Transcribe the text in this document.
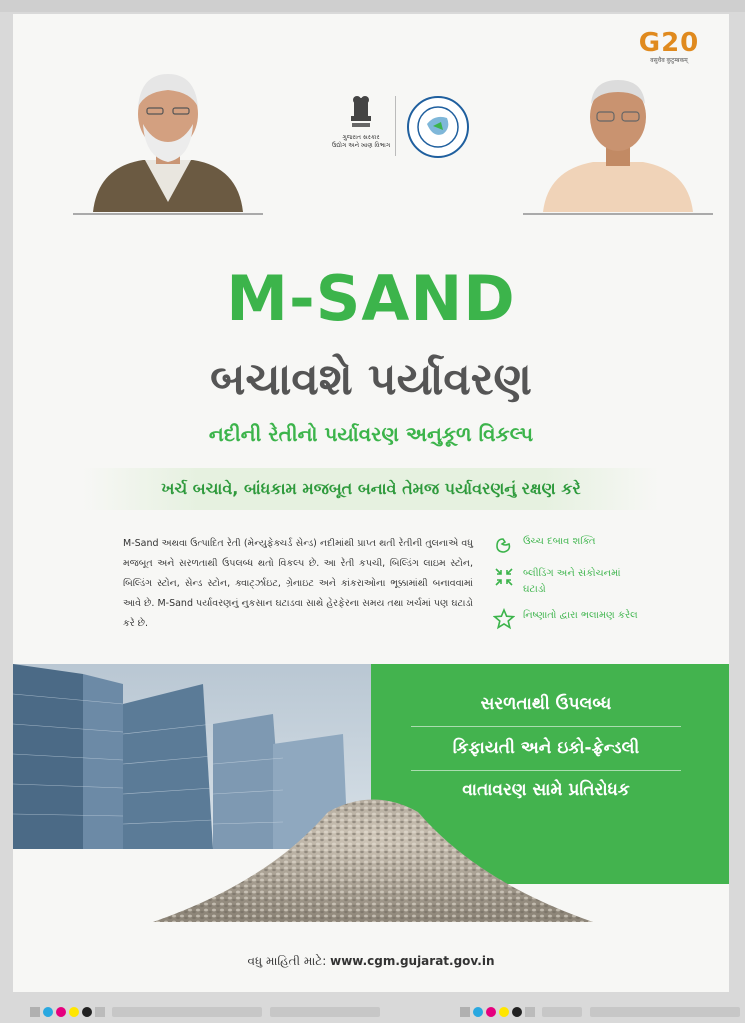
G20
वसुधैव कुटुम्बकम्
ગુજરાત સરકાર
ઉદ્યોગ અને ખાણ વિભાગ
M-SAND
બચાવશે પર્યાવરણ
નદીની રેતીનો પર્યાવરણ અનુકૂળ વિકલ્પ
ખર્ચ બચાવે, બાંધકામ મજબૂત બનાવે તેમજ પર્યાવરણનું રક્ષણ કરે
M-Sand અથવા ઉત્પાદિત રેતી (મેન્યુફેક્ચર્ડ સેન્ડ) નદીમાંથી પ્રાપ્ત થતી રેતીની તુલનાએ વધુ મજબૂત અને સરળતાથી ઉપલબ્ધ થતો વિકલ્પ છે. આ રેતી કપચી, બિલ્ડિંગ લાઇમ સ્ટોન, બિલ્ડિંગ સ્ટોન, સેન્ડ સ્ટોન, ક્વાર્ટ્ઝાઇટ, ગ્રેનાઇટ અને કાંકરાઓના ભૂક્કામાંથી બનાવવામાં આવે છે. M-Sand પર્યાવરણનું નુકસાન ઘટાડવા સાથે હેરફેરના સમય તથા ખર્ચમાં પણ ઘટાડો કરે છે.
ઉચ્ચ દબાવ શક્તિ
બ્લીડિંગ અને સંકોચનમાં ઘટાડો
નિષ્ણાતો દ્વારા ભલામણ કરેલ
સરળતાથી ઉપલબ્ધ
કિફાયતી અને ઇકો-ફ્રેન્ડલી
વાતાવરણ સામે પ્રતિરોધક
વધુ માહિતી માટે: www.cgm.gujarat.gov.in
